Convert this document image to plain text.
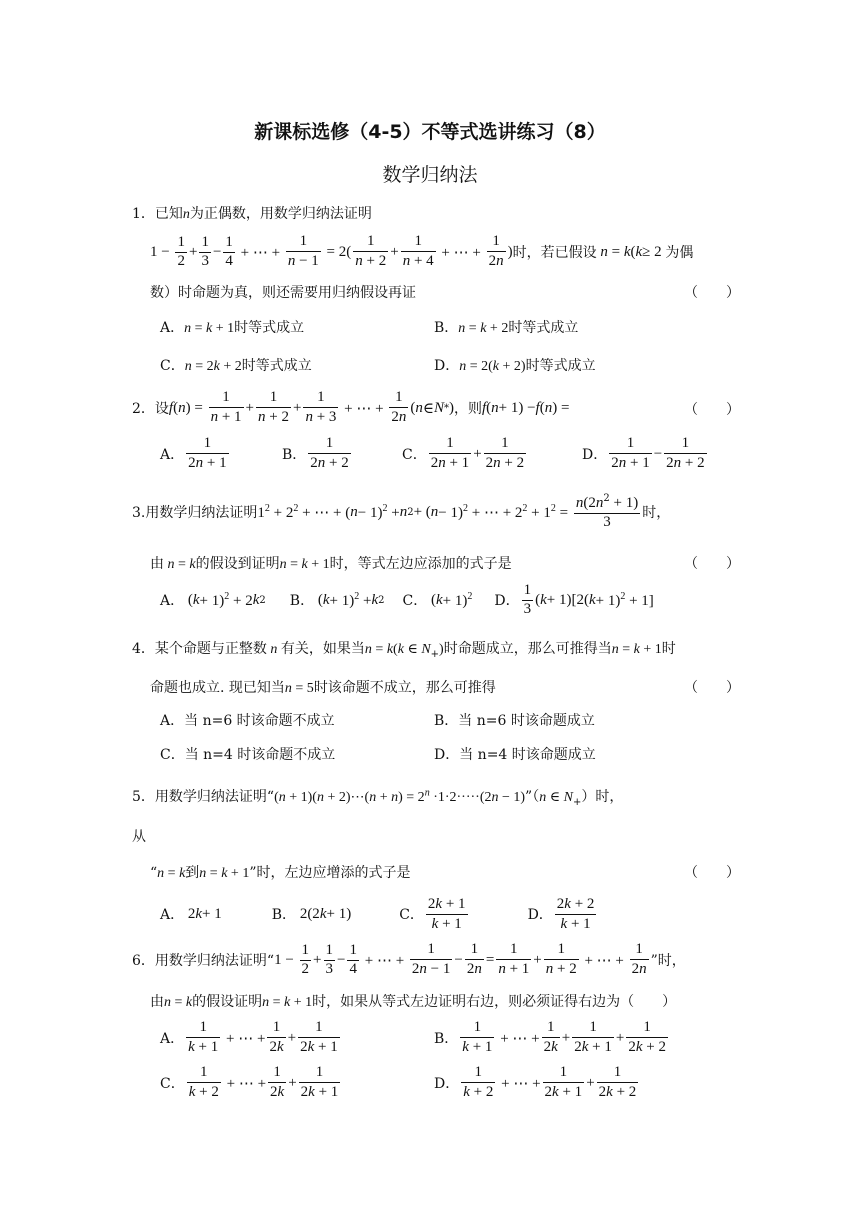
新课标选修（4-5）不等式选讲练习（8）
数学归纳法
1．已知n为正偶数，用数学归纳法证明
$1 - \frac{1}{2} + \frac{1}{3} - \frac{1}{4}$ + ⋯ + $\frac{1}{n - 1} = 2( \frac{1}{n + 2} + \frac{1}{n + 4}$ + ⋯ + $\frac{1}{2n}$ ) 时，若已假设 n = k ( k ≥ 2 为偶
数）时命题为真，则还需要用归纳假设再证	（　　）
A．n = k + 1时等式成立	B．n = k + 2时等式成立
C．n = 2k + 2时等式成立	D．n = 2(k + 2)时等式成立
2．设 f ( n ) = $\frac{1}{n + 1} + \frac{1}{n + 2} + \frac{1}{n + 3}$ + ⋯ + $\frac{1}{2n}$ ( n ∈ N * ) ，则 f ( n + 1) − f ( n ) =	（　　）
A． $\frac{1}{2n + 1}$	B． $\frac{1}{2n + 2}$	C． $\frac{1}{2n + 1} + \frac{1}{2n + 2}$	D． $\frac{1}{2n + 1} - \frac{1}{2n + 2}$
3.用数学归纳法证明 $1^2 + 2^2$ + ⋯ + ( n − 1)$^2$ + n 2 + ( n − 1)$^2$ + ⋯ + $2^2 + 1^2 = \frac{n(2n^2 + 1)}{3}$ 时，
由 n = k的假设到证明n = k + 1时，等式左边应添加的式子是	（　　）
A． ( k + 1)$^2$ + 2 k 2 B． ( k + 1)$^2$ + k 2 C． ( k + 1)$^2$ D． $\frac{1}{3}$ ( k + 1)[2( k + 1)$^2$ + 1]
4．某个命题与正整数 n 有关，如果当n = k(k ∈ $N_+$)时命题成立，那么可推得当n = k + 1时
命题也成立. 现已知当n = 5时该命题不成立，那么可推得	（　　）
A．当 n=6 时该命题不成立	B．当 n=6 时该命题成立
C．当 n=4 时该命题不成立	D．当 n=4 时该命题成立
5．用数学归纳法证明“(n + 1)(n + 2)⋯(n + $n) = 2^n \cdot 1\cdot 2\cdot\cdot\cdot\cdot\cdot(2n$ − 1)”（n ∈ $N_+$）时，
从
“n = k到n = k + 1”时，左边应增添的式子是	（　　）
A． 2 k + 1	B． 2(2 k + 1)	C． $\frac{2k + 1}{k + 1}$	D． $\frac{2k + 2}{k + 1}$
6．用数学归纳法证明“ $1 - \frac{1}{2} + \frac{1}{3} - \frac{1}{4}$ + ⋯ + $\frac{1}{2n - 1} - \frac{1}{2n} = \frac{1}{n + 1} + \frac{1}{n + 2}$ + ⋯ + $\frac{1}{2n}$ ”时，
由n = k的假设证明n = k + 1时，如果从等式左边证明右边，则必须证得右边为（　　）
A． $\frac{1}{k + 1}$ + ⋯ + $\frac{1}{2k} + \frac{1}{2k + 1}$	B． $\frac{1}{k + 1}$ + ⋯ + $\frac{1}{2k} + \frac{1}{2k + 1} + \frac{1}{2k + 2}$
C． $\frac{1}{k + 2}$ + ⋯ + $\frac{1}{2k} + \frac{1}{2k + 1}$	D． $\frac{1}{k + 2}$ + ⋯ + $\frac{1}{2k + 1} + \frac{1}{2k + 2}$
